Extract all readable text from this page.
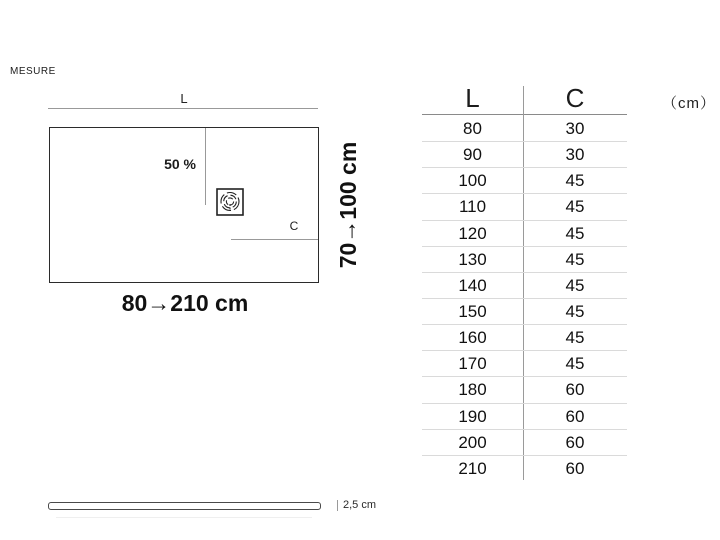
MESURE
L
50 %
C
80→210 cm
70→100 cm
L	C	（cm）
80	30
90	30
100	45
110	45
120	45
130	45
140	45
150	45
160	45
170	45
180	60
190	60
200	60
210	60
2,5 cm
